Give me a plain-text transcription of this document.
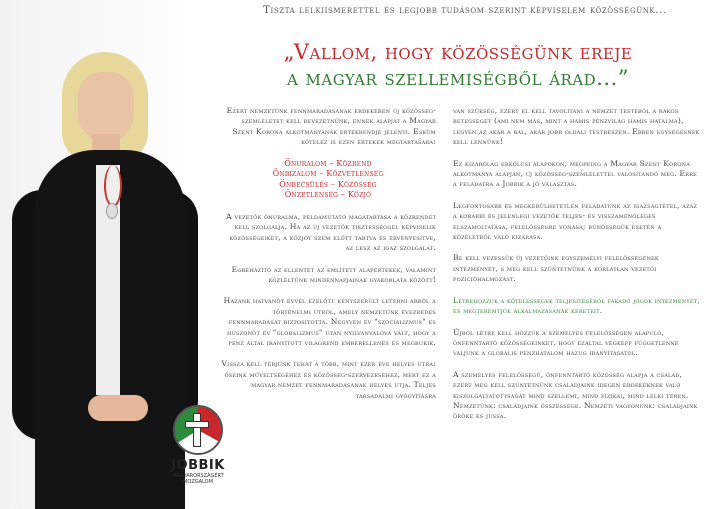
JOBBIK
MAGYARORSZÁGÉRT
MOZGALOM
Tiszta lelkiismerettel és legjobb tudásom szerint képviselem közösségünk...
„Vallom, hogy közösségünk ereje
a magyar szellemiségből árad...”

Ezért nemzetünk fennmaradásának érdekében új közösség-szemléletet kell bevezetnünk, ennek alapját a Magyar Szent Korona alkotmányának értékrendje jelenti. Esküm kötelez is ezen értékek megtartására:

Önuralom – Közrend
Önbizalom – Közvetlenség
Önbecsülés – Közösség
Önzetlenség – Közjó

A vezetők önuralma, példamutató magatartása a közrendet kell szolgálja. Ha az új vezetők tisztességgel képviselik közösségeiket, a közjót szem előtt tartva és érvényesítve, az lesz az igaz szolgálat.

Egbeházító az ellentét az említett alapértékek, valamint közléltünk mindennapjainak gyakorlata között!

Hazánk hatvanöt évvel ezelőtt kényszerült letérni arról a történelmi útról, amely nemzetünk évezredes fennmaradását biztosította. Negyven év "szocializmus" és húszonöt év "globalizmus" után nyilvánvalóvá vált, hogy a pénz által irányított világrend emberellenes és megbukik.

Vissza kell térjünk tehát a több, mint ezer éve helyes útra: őseink műveltségéhez és közösség-szervezéséhez, mert ez a magyar nemzet fennmaradásának helyes útja. Teljes társadalmi gyógyításra

van szükség, ezért el kell távolítani a nemzet testéből a rákos betegséget (ami nem más, mint a hamis pénzvilág hamis hatalma), legyen az akár a bal, akár jobb oldali testrészen. Ebben egységesnek kell lennünk!

Ez kizárólag erkölcsi alapokon, mégpedig a Magyar Szent Korona alkotmánya alapján, új közösség-szemlélettel valósítandó meg. Erre a feladatra a Jobbik a jó választás.

Legfontosabb és megkerülhetetlen feladatunk az igazságtétel, azaz a korábbi és jelenlegi vezetők teljes- és visszamenőleges elszámoltatása, felelősségre vonása; bűnösségük esetén a közéletből való kizárása.

Be kell vezessük új vezetőink egyszemélyi felelősségének intézményét, s meg kell szüntetnünk a korlátlan vezetői pozícióhalmozást.

Létrehozzuk a kötelességek teljesítéséből fakadó jogok intézményét, és megteremtjük alkalmazásának kereteit.

Újból létre kell hozzuk a személyes felelősségen alapuló, önfenntartó közösségeinket, hogy ezáltal végképp függetlenné váljunk a globális pénzhatalom hazug irányításától.

A személyes felelősségű, önfenntartó közösség alapja a család, ezért meg kell szüntetnünk családjaink idegen érdekeknek való kiszolgáltatottságát mind szellemi, mind fizikai, mind lelki téren. Nemzetünk: családjaink összessége. Nemzeti vagyonunk: családjaink öröke és jussa.
